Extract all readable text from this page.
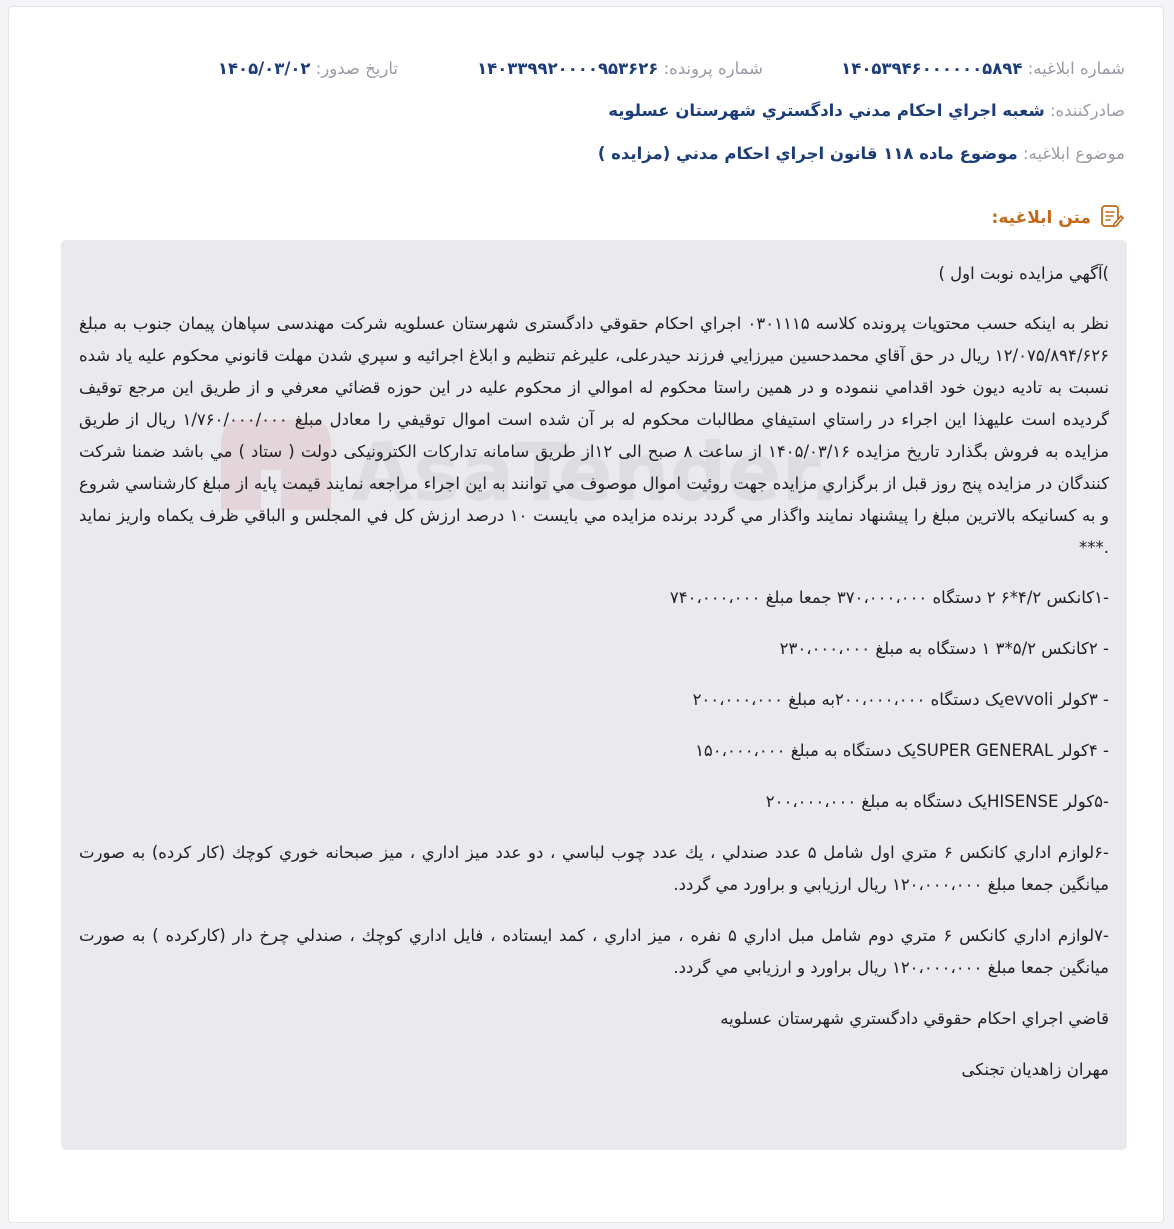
شماره ابلاغیه: ۱۴۰۵۳۹۴۶۰۰۰۰۰۰۵۸۹۴
شماره پرونده: ۱۴۰۳۳۹۹۲۰۰۰۰۹۵۳۶۲۶
تاریخ صدور: ۱۴۰۵/۰۳/۰۲
صادرکننده: شعبه اجراي احکام مدني دادگستري شهرستان عسلويه
موضوع ابلاغیه: موضوع ماده ۱۱۸ قانون اجراي احکام مدني (مزايده )
متن ابلاغیه:
AsaTender.

)آگهي مزايده نوبت اول )

نظر به اينکه حسب محتويات پرونده کلاسه ۰۳۰۱۱۱۵ اجراي احکام حقوقي دادگستری شهرستان عسلویه شرکت مهندسی سپاهان پیمان جنوب به مبلغ ۱۲/۰۷۵/۸۹۴/۶۲۶ ریال در حق آقاي محمدحسين ميرزايي فرزند حيدرعلی، علیرغم تنظیم و ابلاغ اجرائیه و سپري شدن مهلت قانوني محکوم عليه ياد شده نسبت به تاديه ديون خود اقدامي ننموده و در همين راستا محکوم له اموالي از محکوم عليه در اين حوزه قضائي معرفي و از طريق اين مرجع توقيف گرديده است عليهذا اين اجراء در راستاي استيفاي مطالبات محکوم له بر آن شده است اموال توقيفي را معادل مبلغ ۱/۷۶۰/۰۰۰/۰۰۰ ريال از طريق مزايده به فروش بگذارد تاريخ مزايده ۱۴۰۵/۰۳/۱۶ از ساعت ۸ صبح الی ۱۲از طریق سامانه تدارکات الکترونیکی دولت ( ستاد ) مي باشد ضمنا شرکت کنندگان در مزايده پنج روز قبل از برگزاري مزايده جهت روئيت اموال موصوف مي توانند به اين اجراء مراجعه نمايند قيمت پايه از مبلغ کارشناسي شروع و به کسانيکه بالاترين مبلغ را پيشنهاد نمايند واگذار مي گردد برنده مزايده مي بايست ۱۰ درصد ارزش کل في المجلس و الباقي ظرف يکماه واريز نمايد .***

-۱کانکس ۴/۲*۶ ۲ دستگاه ۳۷۰،۰۰۰،۰۰۰ جمعا مبلغ ۷۴۰،۰۰۰،۰۰۰

- ۲کانکس ۵/۲*۳ ۱ دستگاه به مبلغ ۲۳۰،۰۰۰،۰۰۰

- ۳کولر evvoliیک دستگاه ۲۰۰،۰۰۰،۰۰۰به مبلغ ۲۰۰،۰۰۰،۰۰۰

- ۴کولر SUPER GENERALیک دستگاه به مبلغ ۱۵۰،۰۰۰،۰۰۰

-۵کولر HISENSEیک دستگاه به مبلغ ۲۰۰،۰۰۰،۰۰۰

-۶لوازم اداري کانکس ۶ متري اول شامل ۵ عدد صندلي ، يك عدد چوب لباسي ، دو عدد ميز اداري ، ميز صبحانه خوري كوچك (كار كرده) به صورت ميانگين جمعا مبلغ ۱۲۰،۰۰۰،۰۰۰ ريال ارزيابي و براورد مي گردد.

-۷لوازم اداري كانكس ۶ متري دوم شامل مبل اداري ۵ نفره ، ميز اداري ، كمد ايستاده ، فايل اداري كوچك ، صندلي چرخ دار (كاركرده ) به صورت ميانگين جمعا مبلغ ۱۲۰،۰۰۰،۰۰۰ ريال براورد و ارزيابي مي گردد.

قاضي اجراي احکام حقوقي دادگستري شهرستان عسلويه

مهران زاهديان تجنکی
